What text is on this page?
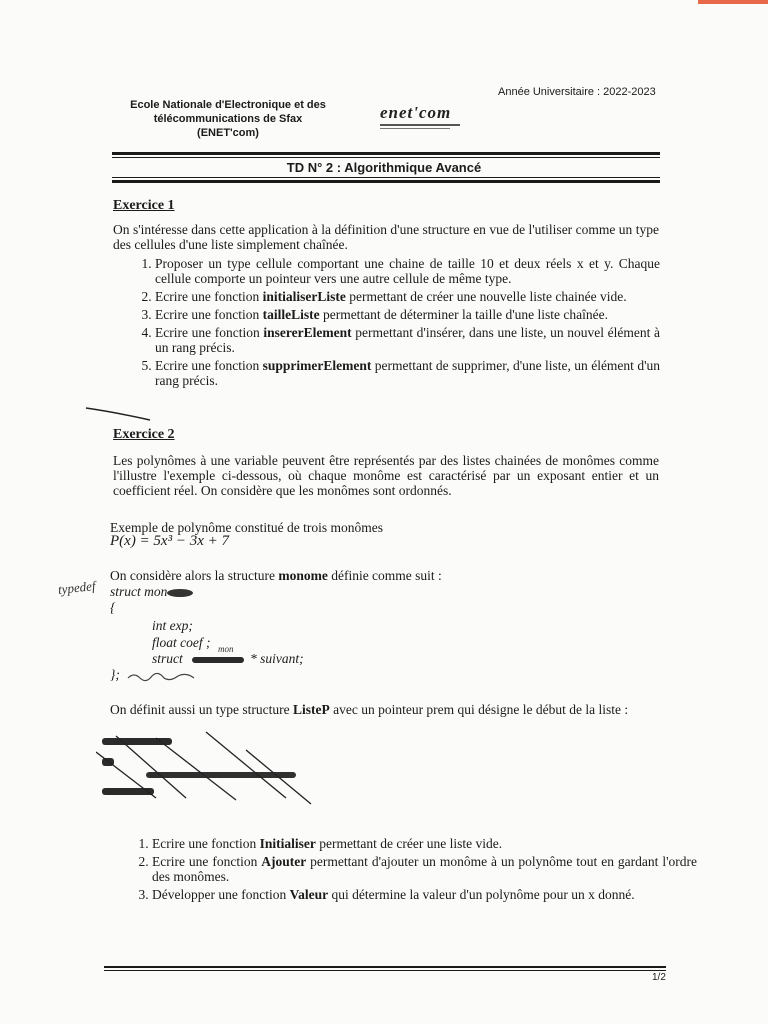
Ecole Nationale d'Electronique et des
télécommunications de Sfax
(ENET'com)
enet'com
Année Universitaire : 2022-2023
TD N° 2 : Algorithmique Avancé
Exercice 1
On s'intéresse dans cette application à la définition d'une structure en vue de l'utiliser comme un type des cellules d'une liste simplement chaînée.
1. Proposer un type cellule comportant une chaine de taille 10 et deux réels x et y. Chaque cellule comporte un pointeur vers une autre cellule de même type.
2. Ecrire une fonction initialiserListe permettant de créer une nouvelle liste chainée vide.
3. Ecrire une fonction tailleListe permettant de déterminer la taille d'une liste chaînée.
4. Ecrire une fonction insererElement permettant d'insérer, dans une liste, un nouvel élément à un rang précis.
5. Ecrire une fonction supprimerElement permettant de supprimer, d'une liste, un élément d'un rang précis.
Exercice 2
Les polynômes à une variable peuvent être représentés par des listes chainées de monômes comme l'illustre l'exemple ci-dessous, où chaque monôme est caractérisé par un exposant entier et un coefficient réel. On considère que les monômes sont ordonnés.
Exemple de polynôme constitué de trois monômes
P(x) = 5x³ − 3x + 7
On considère alors la structure monome définie comme suit :
typedef struct mon
{
int exp;
float coef ; mon
struct	* suivant;
};
On définit aussi un type structure ListeP avec un pointeur prem qui désigne le début de la liste :
1. Ecrire une fonction Initialiser permettant de créer une liste vide.
2. Ecrire une fonction Ajouter permettant d'ajouter un monôme à un polynôme tout en gardant l'ordre des monômes.
3. Développer une fonction Valeur qui détermine la valeur d'un polynôme pour un x donné.
1/2
